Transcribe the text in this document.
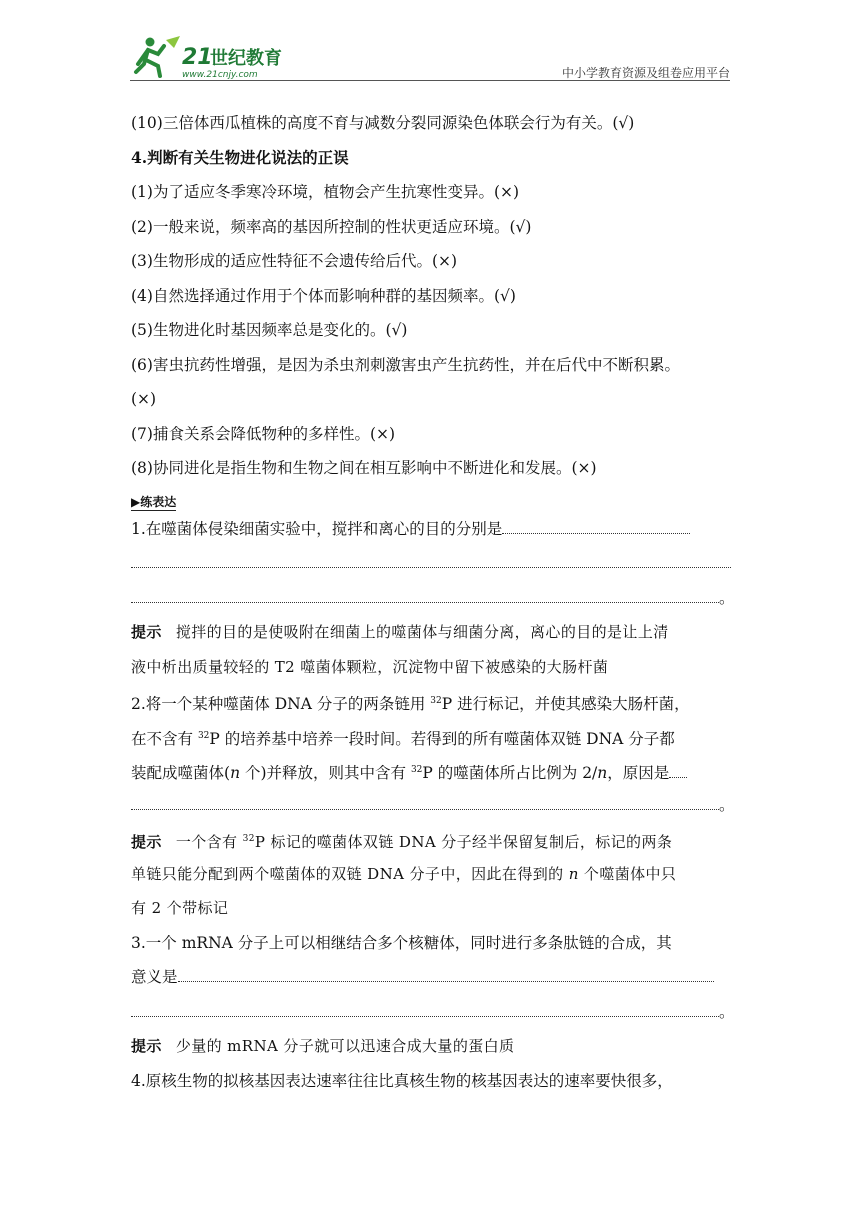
21
世纪教育
www.21cnjy.com	中小学教育资源及组卷应用平台
(10)三倍体西瓜植株的高度不育与减数分裂同源染色体联会行为有关。(√)
4.判断有关生物进化说法的正误
(1)为了适应冬季寒冷环境，植物会产生抗寒性变异。(×)
(2)一般来说，频率高的基因所控制的性状更适应环境。(√)
(3)生物形成的适应性特征不会遗传给后代。(×)
(4)自然选择通过作用于个体而影响种群的基因频率。(√)
(5)生物进化时基因频率总是变化的。(√)
(6)害虫抗药性增强，是因为杀虫剂刺激害虫产生抗药性，并在后代中不断积累。
(×)
(7)捕食关系会降低物种的多样性。(×)
(8)协同进化是指生物和生物之间在相互影响中不断进化和发展。(×)
▶练表达
1.在噬菌体侵染细菌实验中，搅拌和离心的目的分别是
。
提示 搅拌的目的是使吸附在细菌上的噬菌体与细菌分离，离心的目的是让上清
液中析出质量较轻的 T2 噬菌体颗粒，沉淀物中留下被感染的大肠杆菌
2.将一个某种噬菌体 DNA 分子的两条链用 $^{32}$P 进行标记，并使其感染大肠杆菌，
在不含有 $^{32}$P 的培养基中培养一段时间。若得到的所有噬菌体双链 DNA 分子都
装配成噬菌体(n 个)并释放，则其中含有 $^{32}$P 的噬菌体所占比例为 2/n，原因是
。
提示 一个含有 $^{32}$P 标记的噬菌体双链 DNA 分子经半保留复制后，标记的两条
单链只能分配到两个噬菌体的双链 DNA 分子中，因此在得到的 n 个噬菌体中只
有 2 个带标记
3.一个 mRNA 分子上可以相继结合多个核糖体，同时进行多条肽链的合成，其
意义是
。
提示 少量的 mRNA 分子就可以迅速合成大量的蛋白质
4.原核生物的拟核基因表达速率往往比真核生物的核基因表达的速率要快很多，
